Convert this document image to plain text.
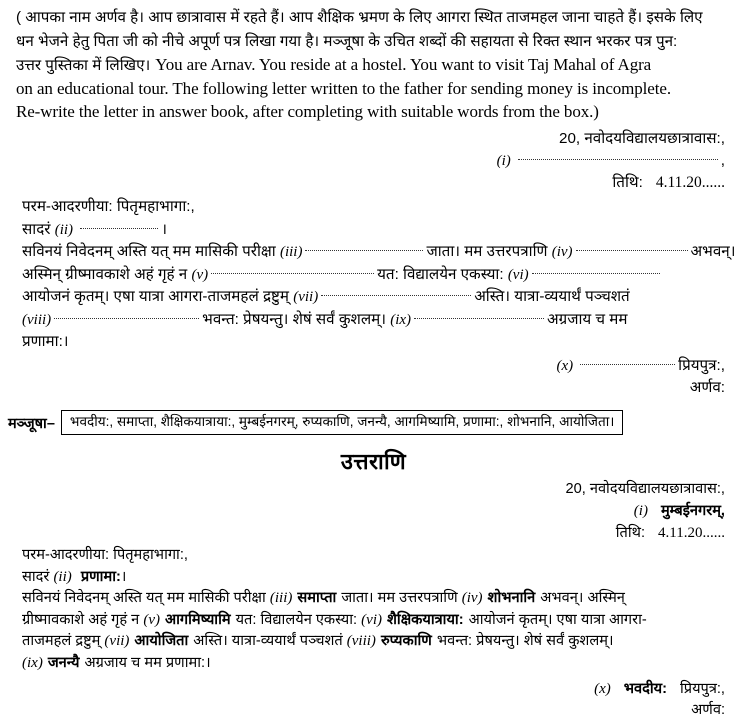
( आपका नाम अर्णव है। आप छात्रावास में रहते हैं। आप शैक्षिक भ्रमण के लिए आगरा स्थित ताजमहल जाना चाहते हैं। इसके लिए
धन भेजने हेतु पिता जी को नीचे अपूर्ण पत्र लिखा गया है। मञ्जूषा के उचित शब्दों की सहायता से रिक्त स्थान भरकर पत्र पुन:
उत्तर पुस्तिका में लिखिए। You are Arnav. You reside at a hostel. You want to visit Taj Mahal of Agra
on an educational tour. The following letter written to the father for sending money is incomplete.
Re-write the letter in answer book, after completing with suitable words from the box.)
20, नवोदयविद्यालयछात्रावास:,
(i)	,
तिथि: 4.11.20......
परम-आदरणीया: पितृमहाभागा:,
सादरं (ii)	।
सविनयं निवेदनम् अस्ति यत् मम मासिकी परीक्षा (iii)	जाता। मम उत्तरपत्राणि (iv)	अभवन्।
अस्मिन् ग्रीष्मावकाशे अहं गृहं न (v)	यत: विद्यालयेन एकस्या: (vi)
आयोजनं कृतम्। एषा यात्रा आगरा-ताजमहलं द्रष्टुम् (vii)	अस्ति। यात्रा-व्ययार्थं पञ्चशतं
(viii)	भवन्त: प्रेषयन्तु। शेषं सर्वं कुशलम्। (ix)	अग्रजाय च मम
प्रणामा:।
(x)	प्रियपुत्र:,
अर्णव:
मञ्जूषा–	भवदीय:, समाप्ता, शैक्षिकयात्राया:, मुम्बईनगरम्, रुप्यकाणि, जनन्यै, आगमिष्यामि, प्रणामा:, शोभनानि, आयोजिता।
उत्तराणि
20, नवोदयविद्यालयछात्रावास:,
(i) मुम्बईनगरम्,
तिथि: 4.11.20......
परम-आदरणीया: पितृमहाभागा:,
सादरं (ii) प्रणामा:।
सविनयं निवेदनम् अस्ति यत् मम मासिकी परीक्षा (iii) समाप्ता जाता। मम उत्तरपत्राणि (iv) शोभनानि अभवन्। अस्मिन्
ग्रीष्मावकाशे अहं गृहं न (v) आगमिष्यामि यत: विद्यालयेन एकस्या: (vi) शैक्षिकयात्राया: आयोजनं कृतम्। एषा यात्रा आगरा-
ताजमहलं द्रष्टुम् (vii) आयोजिता अस्ति। यात्रा-व्ययार्थं पञ्चशतं (viii) रुप्यकाणि भवन्त: प्रेषयन्तु। शेषं सर्वं कुशलम्।
(ix) जनन्यै अग्रजाय च मम प्रणामा:।
(x) भवदीय: प्रियपुत्र:,
अर्णव:
